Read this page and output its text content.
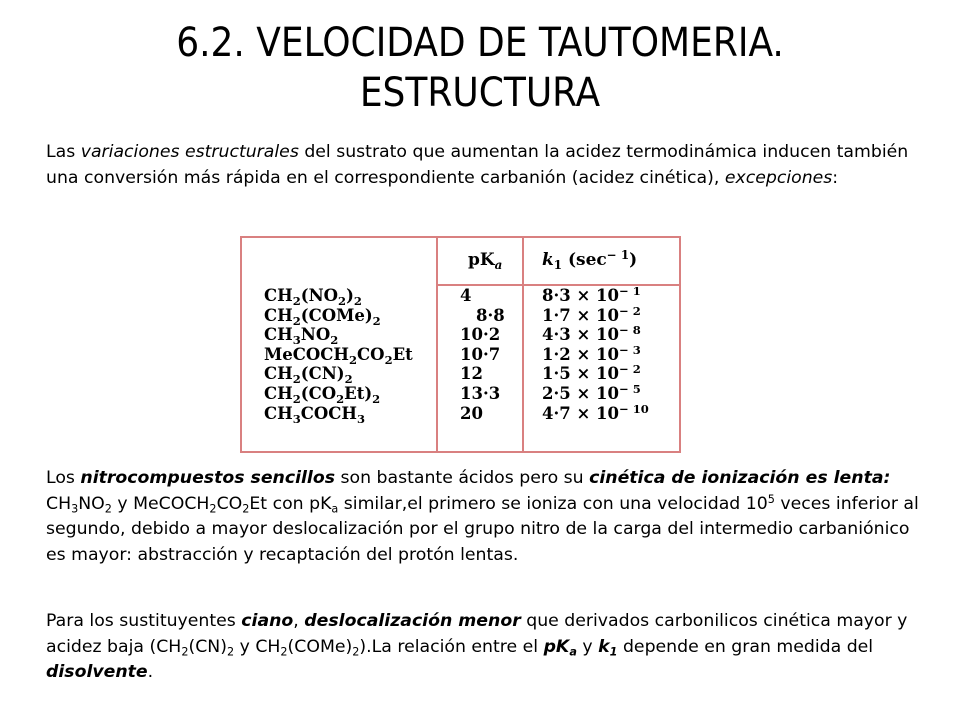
6.2. VELOCIDAD DE TAUTOMERIA.
ESTRUCTURA
Las variaciones estructurales del sustrato que aumentan la acidez termodinámica inducen también una conversión más rápida en el correspondiente carbanión (acidez cinética), excepciones:
$pK_a$ $k_1$ $(\sec^{- 1})$
$CH_2(NO_2)_2$
$CH_2(COMe)_2$
$CH_3NO_2$
$MeCOCH_2CO_2Et$
$CH_2(CN)_2$
$CH_2(CO_2Et)_2$
$CH_3COCH_3$
4
8·8
10·2
10·7
12
13·3
20
$8\cdot 3 \times 10^{- 1}$
$1\cdot 7 \times 10^{- 2}$
$4\cdot 3 \times 10^{- 8}$
$1\cdot 2 \times 10^{- 3}$
$1\cdot 5 \times 10^{- 2}$
$2\cdot 5 \times 10^{- 5}$
$4\cdot 7 \times 10^{- 10}$
Los nitrocompuestos sencillos son bastante ácidos pero su cinética de ionización es lenta:
$CH_3NO_2$ y $MeCOCH_2CO_2Et$ con $pK_a$ similar,el primero se ioniza con una velocidad $10^5$ veces inferior al segundo, debido a mayor deslocalización por el grupo nitro de la carga del intermedio carbaniónico es mayor: abstracción y recaptación del protón lentas.
Para los sustituyentes ciano, deslocalización menor que derivados carbonilicos cinética mayor y acidez baja ($CH_2(CN)_2$ y $CH_2(COMe)_2).La$ relación entre el $pK_a$ y $k_1$ depende en gran medida del disolvente.
